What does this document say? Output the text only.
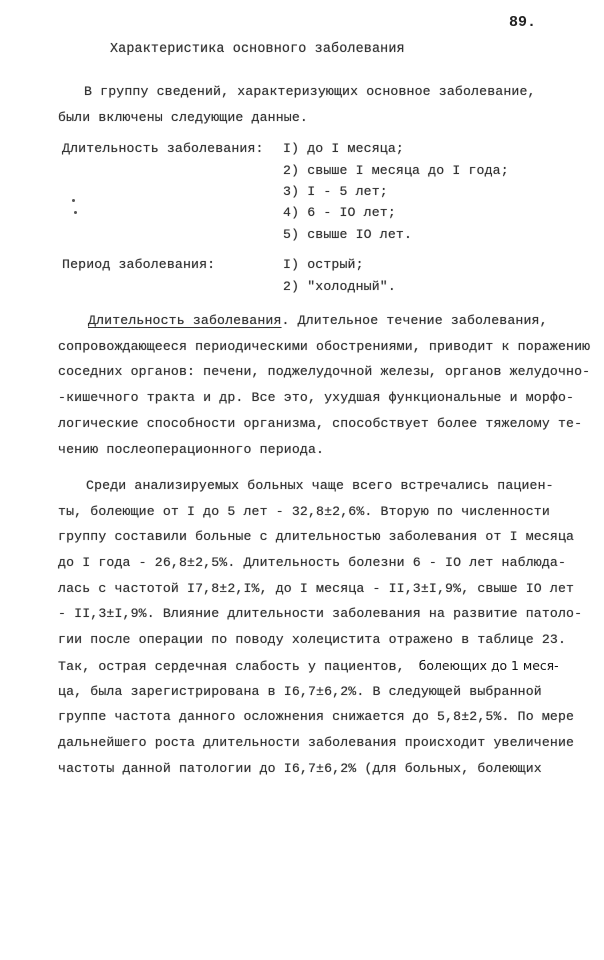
89.
Характеристика основного заболевания
В группу сведений, характеризующих основное заболевание,
были включены следующие данные.
Длительность заболевания: I) до I месяца;
2) свыше I месяца до I года;
3) I - 5 лет;
4) 6 - IO лет;
5) свыше IO лет.
Период заболевания:	I) острый;
2) "холодный".
Длительность заболевания. Длительное течение заболевания,
сопровождающееся периодическими обострениями, приводит к поражению
соседних органов: печени, поджелудочной железы, органов желудочно-
-кишечного тракта и др. Все это, ухудшая функциональные и морфо-
логические способности организма, способствует более тяжелому те-
чению послеоперационного периода.
Среди анализируемых больных чаще всего встречались пациен-
ты, болеющие от I до 5 лет - 32,8±2,6%. Вторую по численности
группу составили больные с длительностью заболевания от I месяца
до I года - 26,8±2,5%. Длительность болезни 6 - IO лет наблюда-
лась с частотой I7,8±2,I%, до I месяца - II,3±I,9%, свыше IO лет
- II,3±I,9%. Влияние длительности заболевания на развитие патоло-
гии после операции по поводу холецистита отражено в таблице 23.
Так, острая сердечная слабость у пациентов, болеющих до 1 меся-
ца, была зарегистрирована в I6,7±6,2%. В следующей выбранной
группе частота данного осложнения снижается до 5,8±2,5%. По мере
дальнейшего роста длительности заболевания происходит увеличение
частоты данной патологии до I6,7±6,2% (для больных, болеющих
